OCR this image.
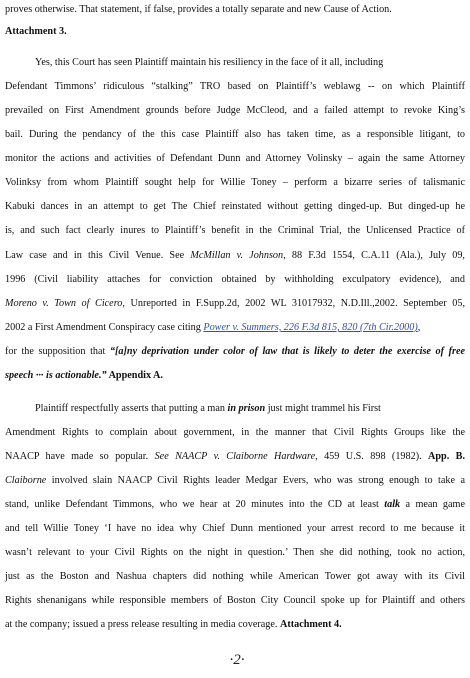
proves otherwise. That statement, if false, provides a totally separate and new Cause of Action.

Attachment 3.

Yes, this Court has seen Plaintiff maintain his resiliency in the face of it all, including

Defendant Timmons’ ridiculous “stalking” TRO based on Plaintiff’s weblawg -- on which Plaintiff

prevailed on First Amendment grounds before Judge McCleod, and a failed attempt to revoke King’s

bail. During the pendancy of the this case Plaintiff also has taken time, as a responsible litigant, to

monitor the actions and activities of Defendant Dunn and Attorney Volinsky – again the same Attorney

Volinksy from whom Plaintiff sought help for Willie Toney – perform a bizarre series of talismanic

Kabuki dances in an attempt to get The Chief reinstated without getting dinged-up. But dinged-up he

is, and such fact clearly inures to Plaintiff’s benefit in the Criminal Trial, the Unlicensed Practice of

Law case and in this Civil Venue. See McMillan v. Johnson, 88 F.3d 1554, C.A.11 (Ala.), July 09,

1996 (Civil liability attaches for conviction obtained by withholding exculpatory evidence), and

Moreno v. Town of Cicero, Unreported in F.Supp.2d, 2002 WL 31017932, N.D.Ill.,2002. September 05,

2002 a First Amendment Conspiracy case citing Power v. Summers, 226 F.3d 815, 820 (7th Cir.2000),

for the supposition that “[a]ny deprivation under color of law that is likely to deter the exercise of free

speech ··· is actionable.” Appendix A.

Plaintiff respectfully asserts that putting a man in prison just might trammel his First

Amendment Rights to complain about government, in the manner that Civil Rights Groups like the

NAACP have made so popular. See NAACP v. Claiborne Hardware, 459 U.S. 898 (1982). App. B.

Claiborne involved slain NAACP Civil Rights leader Medgar Evers, who was strong enough to take a

stand, unlike Defendant Timmons, who we hear at 20 minutes into the CD at least talk a mean game

and tell Willie Toney ‘I have no idea why Chief Dunn mentioned your arrest record to me because it

wasn’t relevant to your Civil Rights on the night in question.’ Then she did nothing, took no action,

just as the Boston and Nashua chapters did nothing while American Tower got away with its Civil

Rights shenanigans while responsible members of Boston City Council spoke up for Plaintiff and others

at the company; issued a press release resulting in media coverage. Attachment 4.

·2·
